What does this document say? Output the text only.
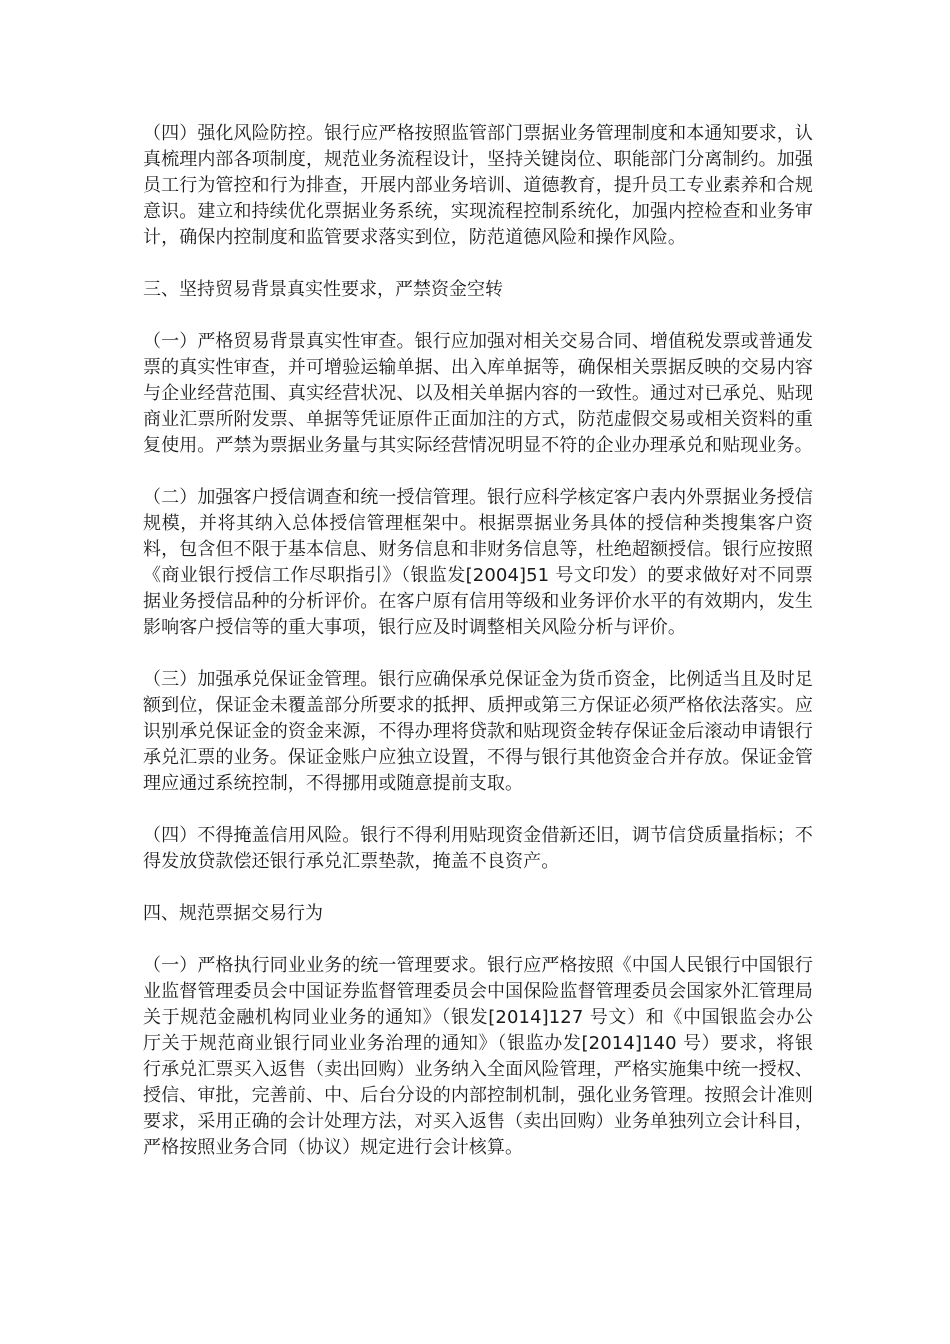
（四）强化风险防控。银行应严格按照监管部门票据业务管理制度和本通知要求，认真梳理内部各项制度，规范业务流程设计，坚持关键岗位、职能部门分离制约。加强员工行为管控和行为排查，开展内部业务培训、道德教育，提升员工专业素养和合规意识。建立和持续优化票据业务系统，实现流程控制系统化，加强内控检查和业务审计，确保内控制度和监管要求落实到位，防范道德风险和操作风险。

三、坚持贸易背景真实性要求，严禁资金空转

（一）严格贸易背景真实性审查。银行应加强对相关交易合同、增值税发票或普通发票的真实性审查，并可增验运输单据、出入库单据等，确保相关票据反映的交易内容与企业经营范围、真实经营状况、以及相关单据内容的一致性。通过对已承兑、贴现商业汇票所附发票、单据等凭证原件正面加注的方式，防范虚假交易或相关资料的重复使用。严禁为票据业务量与其实际经营情况明显不符的企业办理承兑和贴现业务。

（二）加强客户授信调查和统一授信管理。银行应科学核定客户表内外票据业务授信规模，并将其纳入总体授信管理框架中。根据票据业务具体的授信种类搜集客户资料，包含但不限于基本信息、财务信息和非财务信息等，杜绝超额授信。银行应按照《商业银行授信工作尽职指引》（银监发[2004]51 号文印发）的要求做好对不同票据业务授信品种的分析评价。在客户原有信用等级和业务评价水平的有效期内，发生影响客户授信等的重大事项，银行应及时调整相关风险分析与评价。

（三）加强承兑保证金管理。银行应确保承兑保证金为货币资金，比例适当且及时足额到位，保证金未覆盖部分所要求的抵押、质押或第三方保证必须严格依法落实。应识别承兑保证金的资金来源，不得办理将贷款和贴现资金转存保证金后滚动申请银行承兑汇票的业务。保证金账户应独立设置，不得与银行其他资金合并存放。保证金管理应通过系统控制，不得挪用或随意提前支取。

（四）不得掩盖信用风险。银行不得利用贴现资金借新还旧，调节信贷质量指标；不得发放贷款偿还银行承兑汇票垫款，掩盖不良资产。

四、规范票据交易行为

（一）严格执行同业业务的统一管理要求。银行应严格按照《中国人民银行中国银行业监督管理委员会中国证券监督管理委员会中国保险监督管理委员会国家外汇管理局关于规范金融机构同业业务的通知》（银发[2014]127 号文）和《中国银监会办公厅关于规范商业银行同业业务治理的通知》（银监办发[2014]140 号）要求，将银行承兑汇票买入返售（卖出回购）业务纳入全面风险管理，严格实施集中统一授权、授信、审批，完善前、中、后台分设的内部控制机制，强化业务管理。按照会计准则要求，采用正确的会计处理方法，对买入返售（卖出回购）业务单独列立会计科目，严格按照业务合同（协议）规定进行会计核算。
